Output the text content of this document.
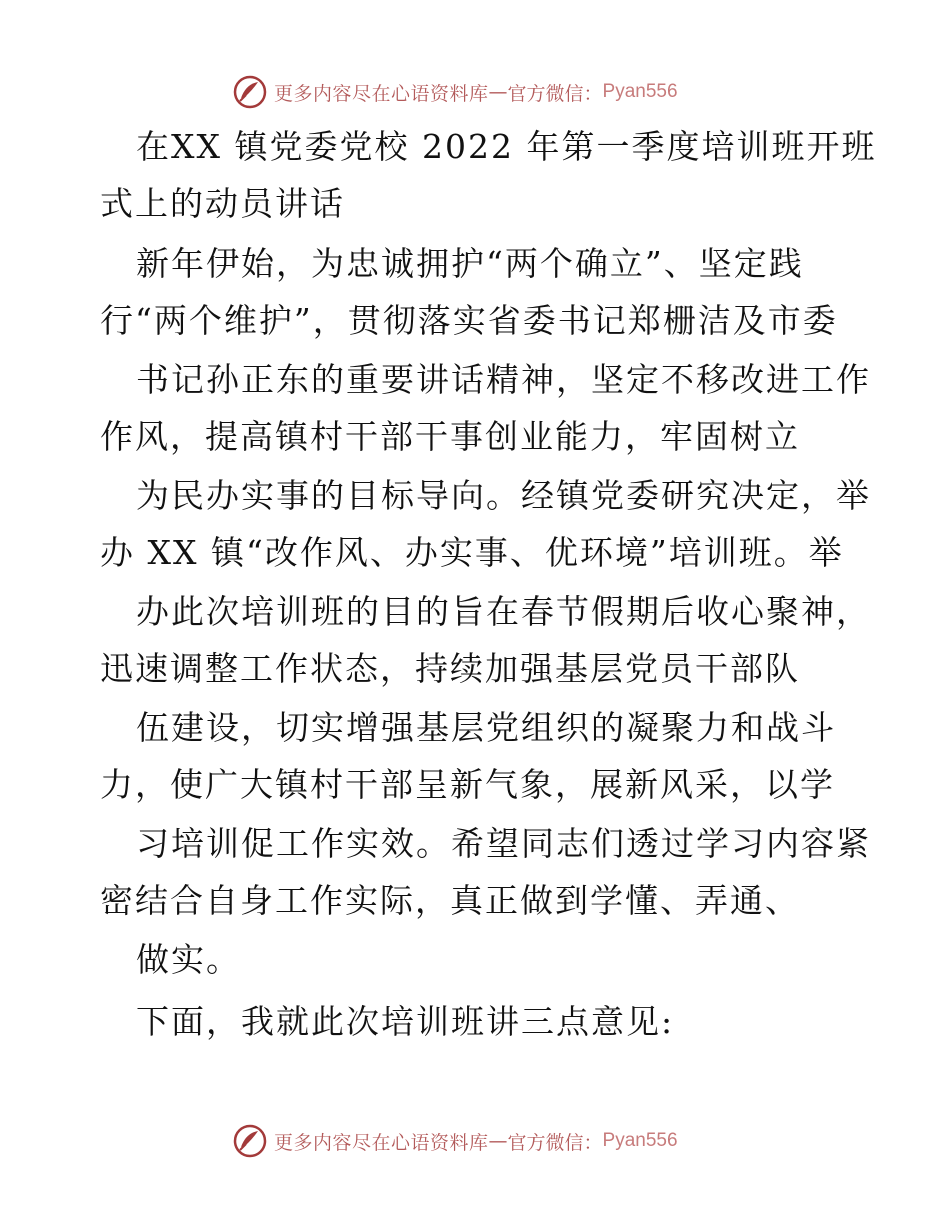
更多内容尽在心语资料库 — 官方微信： Pyan556
在XX 镇党委党校 2022 年第一季度培训班开班
式上的动员讲话
新年伊始，为忠诚拥护“两个确立”、坚定践
行“两个维护”，贯彻落实省委书记郑栅洁及市委
书记孙正东的重要讲话精神，坚定不移改进工作
作风，提高镇村干部干事创业能力，牢固树立
为民办实事的目标导向。经镇党委研究决定，举
办 XX 镇“改作风、办实事、优环境”培训班。举
办此次培训班的目的旨在春节假期后收心聚神，
迅速调整工作状态，持续加强基层党员干部队
伍建设，切实增强基层党组织的凝聚力和战斗
力，使广大镇村干部呈新气象，展新风采，以学
习培训促工作实效。希望同志们透过学习内容紧
密结合自身工作实际，真正做到学懂、弄通、
做实。
下面，我就此次培训班讲三点意见:
更多内容尽在心语资料库 — 官方微信： Pyan556
